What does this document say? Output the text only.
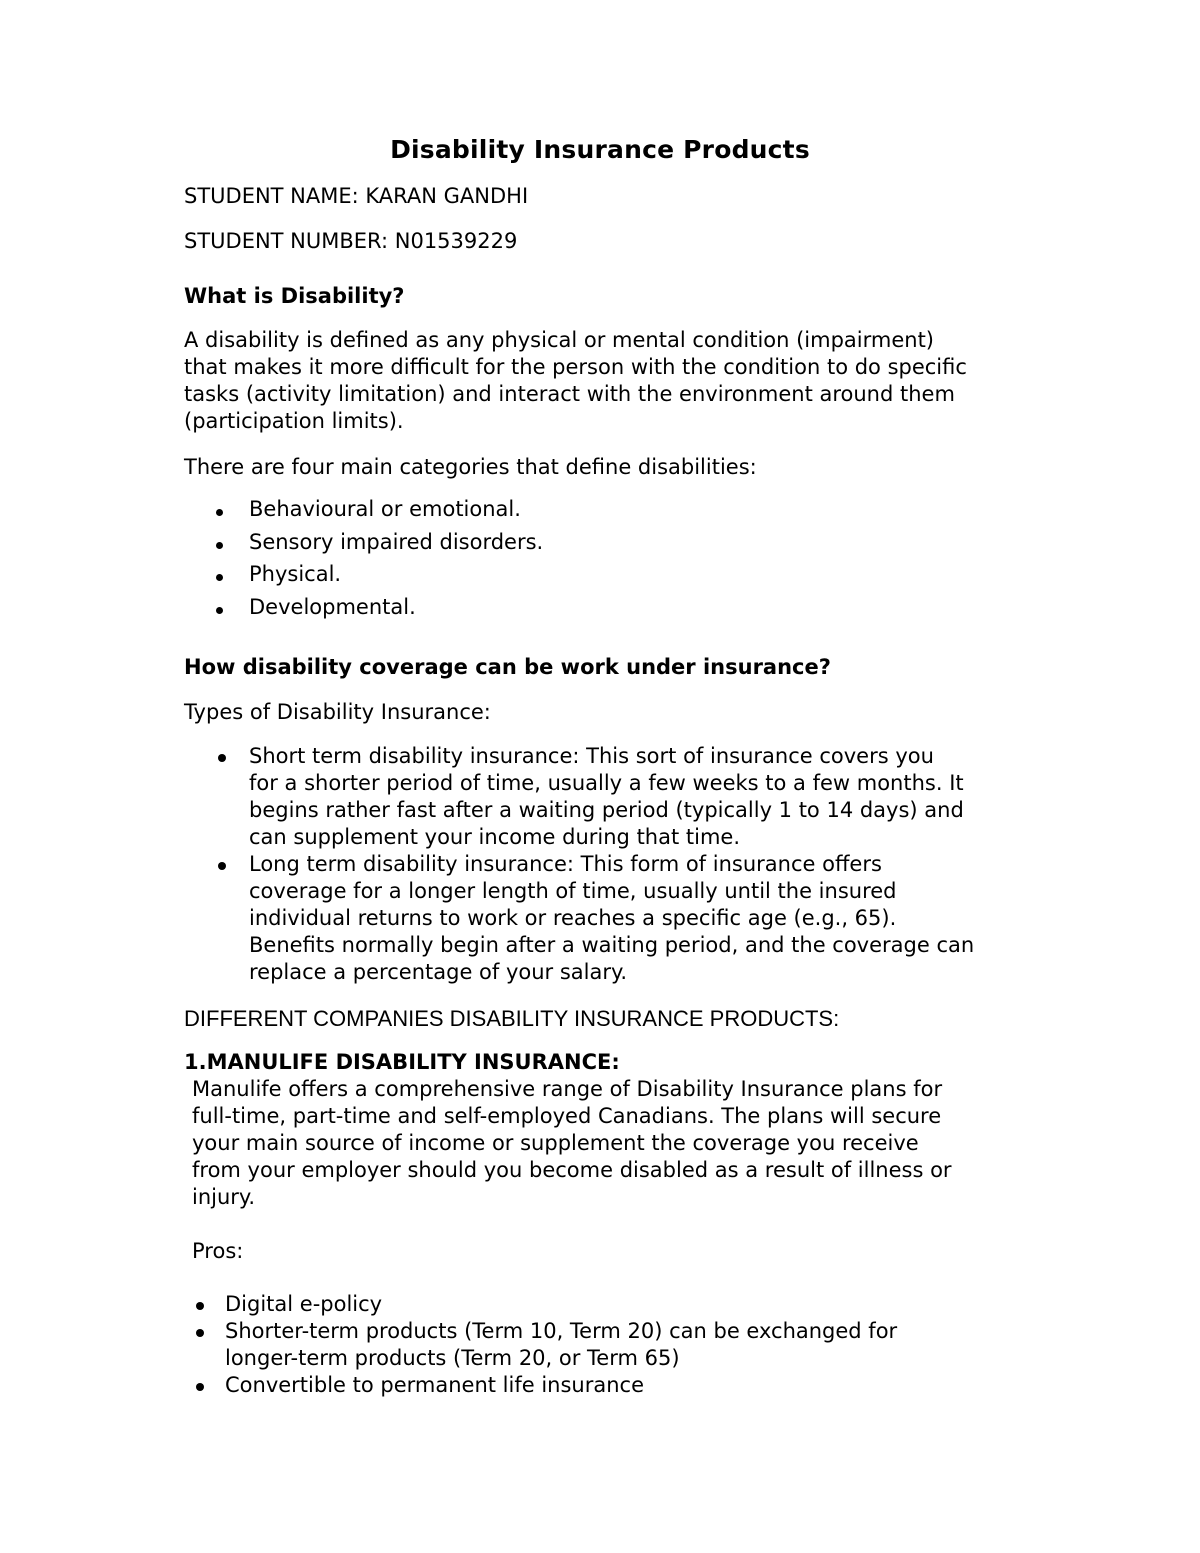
Disability Insurance Products
STUDENT NAME: KARAN GANDHI
STUDENT NUMBER: N01539229
What is Disability?

A disability is defined as any physical or mental condition (impairment)

that makes it more difficult for the person with the condition to do specific

tasks (activity limitation) and interact with the environment around them

(participation limits).

There are four main categories that define disabilities:
Behavioural or emotional.
Sensory impaired disorders.
Physical.
Developmental.
How disability coverage can be work under insurance?
Types of Disability Insurance:

Short term disability insurance: This sort of insurance covers you

for a shorter period of time, usually a few weeks to a few months. It

begins rather fast after a waiting period (typically 1 to 14 days) and

can supplement your income during that time.

Long term disability insurance: This form of insurance offers

coverage for a longer length of time, usually until the insured

individual returns to work or reaches a specific age (e.g., 65).

Benefits normally begin after a waiting period, and the coverage can

replace a percentage of your salary.

DIFFERENT COMPANIES DISABILITY INSURANCE PRODUCTS:
1.MANULIFE DISABILITY INSURANCE:

Manulife offers a comprehensive range of Disability Insurance plans for

full-time, part-time and self-employed Canadians. The plans will secure

your main source of income or supplement the coverage you receive

from your employer should you become disabled as a result of illness or

injury.

Pros:

Digital e-policy

Shorter-term products (Term 10, Term 20) can be exchanged for

longer-term products (Term 20, or Term 65)

Convertible to permanent life insurance
